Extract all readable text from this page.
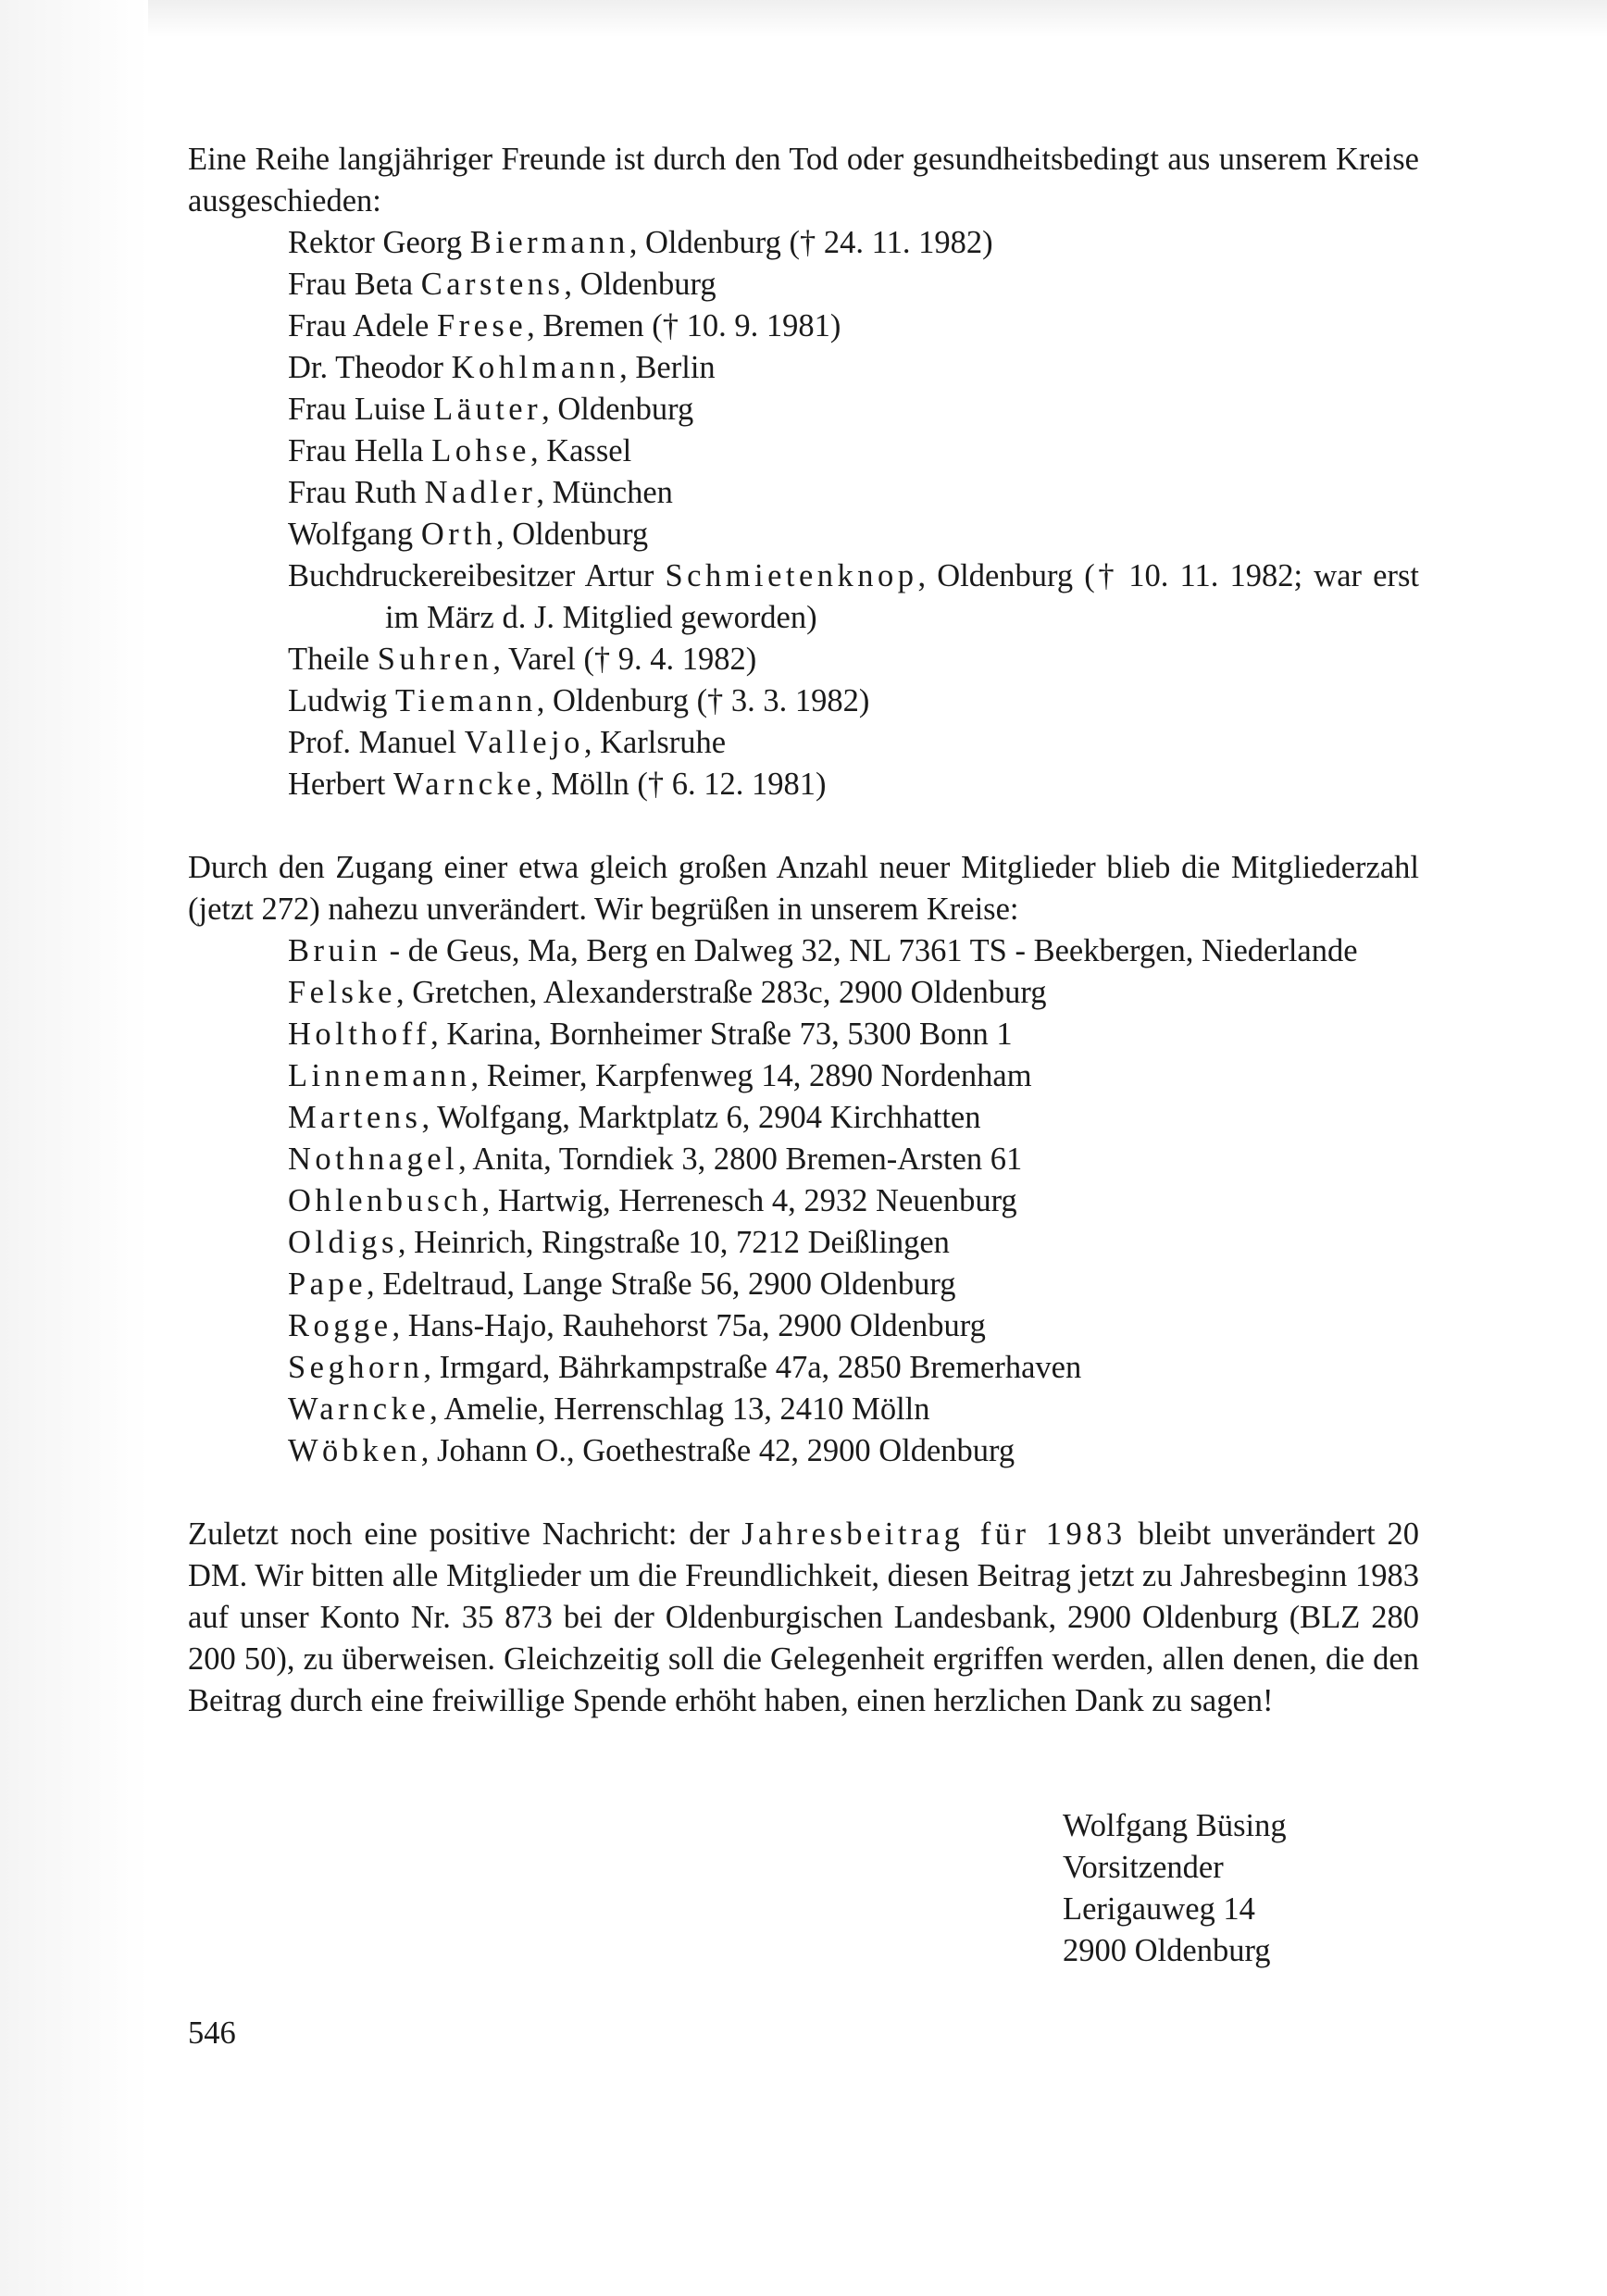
Eine Reihe langjähriger Freunde ist durch den Tod oder gesundheitsbedingt aus unserem Kreise ausgeschieden:

Rektor Georg Biermann, Oldenburg († 24. 11. 1982)
Frau Beta Carstens, Oldenburg
Frau Adele Frese, Bremen († 10. 9. 1981)
Dr. Theodor Kohlmann, Berlin
Frau Luise Läuter, Oldenburg
Frau Hella Lohse, Kassel
Frau Ruth Nadler, München
Wolfgang Orth, Oldenburg
Buchdruckereibesitzer Artur Schmietenknop, Oldenburg († 10. 11. 1982; war erst im März d. J. Mitglied geworden)
Theile Suhren, Varel († 9. 4. 1982)
Ludwig Tiemann, Oldenburg († 3. 3. 1982)
Prof. Manuel Vallejo, Karlsruhe
Herbert Warncke, Mölln († 6. 12. 1981)

Durch den Zugang einer etwa gleich großen Anzahl neuer Mitglieder blieb die Mitgliederzahl (jetzt 272) nahezu unverändert. Wir begrüßen in unserem Kreise:

Bruin - de Geus, Ma, Berg en Dalweg 32, NL 7361 TS - Beekbergen, Niederlande
Felske, Gretchen, Alexanderstraße 283c, 2900 Oldenburg
Holthoff, Karina, Bornheimer Straße 73, 5300 Bonn 1
Linnemann, Reimer, Karpfenweg 14, 2890 Nordenham
Martens, Wolfgang, Marktplatz 6, 2904 Kirchhatten
Nothnagel, Anita, Torndiek 3, 2800 Bremen-Arsten 61
Ohlenbusch, Hartwig, Herrenesch 4, 2932 Neuenburg
Oldigs, Heinrich, Ringstraße 10, 7212 Deißlingen
Pape, Edeltraud, Lange Straße 56, 2900 Oldenburg
Rogge, Hans-Hajo, Rauhehorst 75a, 2900 Oldenburg
Seghorn, Irmgard, Bährkampstraße 47a, 2850 Bremerhaven
Warncke, Amelie, Herrenschlag 13, 2410 Mölln
Wöbken, Johann O., Goethestraße 42, 2900 Oldenburg

Zuletzt noch eine positive Nachricht: der Jahresbeitrag für 1983 bleibt unverändert 20 DM. Wir bitten alle Mitglieder um die Freundlichkeit, diesen Beitrag jetzt zu Jahresbeginn 1983 auf unser Konto Nr. 35 873 bei der Oldenburgischen Landesbank, 2900 Oldenburg (BLZ 280 200 50), zu überweisen. Gleichzeitig soll die Gelegenheit ergriffen werden, allen denen, die den Beitrag durch eine freiwillige Spende erhöht haben, einen herzlichen Dank zu sagen!

Wolfgang Büsing
Vorsitzender
Lerigauweg 14
2900 Oldenburg
546
